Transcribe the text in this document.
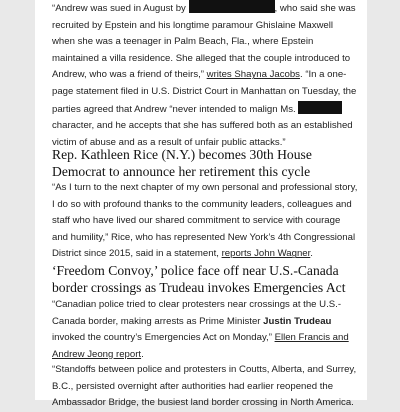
“Andrew was sued in August by	, who said she was recruited by Epstein and his longtime paramour Ghislaine Maxwell when she was a teenager in Palm Beach, Fla., where Epstein maintained a villa residence. She alleged that the couple introduced to Andrew, who was a friend of theirs,” writes Shayna Jacobs. “In a one-page statement filed in U.S. District Court in Manhattan on Tuesday, the parties agreed that Andrew “never intended to malign Ms.  character, and he accepts that she has suffered both as an established victim of abuse and as a result of unfair public attacks.”

Rep. Kathleen Rice (N.Y.) becomes 30th House Democrat to announce her retirement this cycle

“As I turn to the next chapter of my own personal and professional story, I do so with profound thanks to the community leaders, colleagues and staff who have lived our shared commitment to service with courage and humility,” Rice, who has represented New York’s 4th Congressional District since 2015, said in a statement, reports John Wagner.

‘Freedom Convoy,’ police face off near U.S.-Canada border crossings as Trudeau invokes Emergencies Act

“Canadian police tried to clear protesters near crossings at the U.S.-Canada border, making arrests as Prime Minister Justin Trudeau invoked the country’s Emergencies Act on Monday,” Ellen Francis and Andrew Jeong report.

“Standoffs between police and protesters in Coutts, Alberta, and Surrey, B.C., persisted overnight after authorities had earlier reopened the Ambassador Bridge, the busiest land border crossing in North America.
